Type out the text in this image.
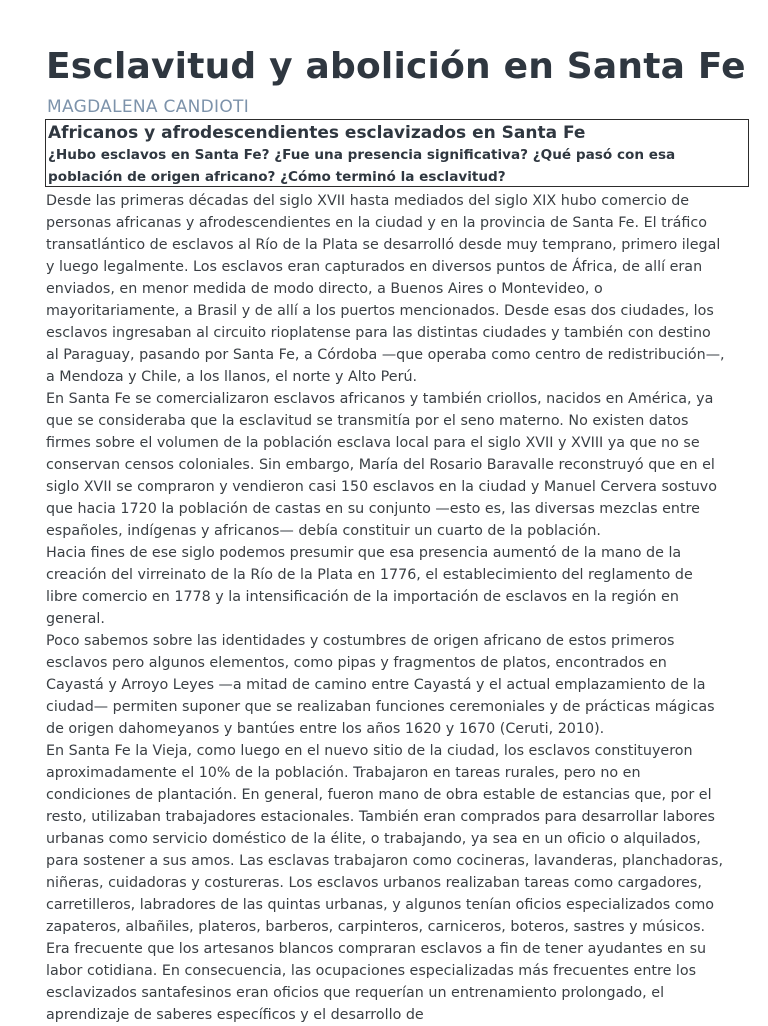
Esclavitud y abolición en Santa Fe
MAGDALENA CANDIOTI
Africanos y afrodescendientes esclavizados en Santa Fe

¿Hubo esclavos en Santa Fe? ¿Fue una presencia significativa? ¿Qué pasó con esa población de origen africano? ¿Cómo terminó la esclavitud?

Desde las primeras décadas del siglo XVII hasta mediados del siglo XIX hubo comercio de personas africanas y afrodescendientes en la ciudad y en la provincia de Santa Fe. El tráfico transatlántico de esclavos al Río de la Plata se desarrolló desde muy temprano, primero ilegal y luego legalmente. Los esclavos eran capturados en diversos puntos de África, de allí eran enviados, en menor medida de modo directo, a Buenos Aires o Montevideo, o mayoritariamente, a Brasil y de allí a los puertos mencionados. Desde esas dos ciudades, los esclavos ingresaban al circuito rioplatense para las distintas ciudades y también con destino al Paraguay, pasando por Santa Fe, a Córdoba —que operaba como centro de redistribución—, a Mendoza y Chile, a los llanos, el norte y Alto Perú.

En Santa Fe se comercializaron esclavos africanos y también criollos, nacidos en América, ya que se consideraba que la esclavitud se transmitía por el seno materno. No existen datos firmes sobre el volumen de la población esclava local para el siglo XVII y XVIII ya que no se conservan censos coloniales. Sin embargo, María del Rosario Baravalle reconstruyó que en el siglo XVII se compraron y vendieron casi 150 esclavos en la ciudad y Manuel Cervera sostuvo que hacia 1720 la población de castas en su conjunto —esto es, las diversas mezclas entre españoles, indígenas y africanos— debía constituir un cuarto de la población.

Hacia fines de ese siglo podemos presumir que esa presencia aumentó de la mano de la creación del virreinato de la Río de la Plata en 1776, el establecimiento del reglamento de libre comercio en 1778 y la intensificación de la importación de esclavos en la región en general.

Poco sabemos sobre las identidades y costumbres de origen africano de estos primeros esclavos pero algunos elementos, como pipas y fragmentos de platos, encontrados en Cayastá y Arroyo Leyes —a mitad de camino entre Cayastá y el actual emplazamiento de la ciudad— permiten suponer que se realizaban funciones ceremoniales y de prácticas mágicas de origen dahomeyanos y bantúes entre los años 1620 y 1670 (Ceruti, 2010).

En Santa Fe la Vieja, como luego en el nuevo sitio de la ciudad, los esclavos constituyeron aproximadamente el 10% de la población. Trabajaron en tareas rurales, pero no en condiciones de plantación. En general, fueron mano de obra estable de estancias que, por el resto, utilizaban trabajadores estacionales. También eran comprados para desarrollar labores urbanas como servicio doméstico de la élite, o trabajando, ya sea en un oficio o alquilados, para sostener a sus amos. Las esclavas trabajaron como cocineras, lavanderas, planchadoras, niñeras, cuidadoras y costureras. Los esclavos urbanos realizaban tareas como cargadores, carretilleros, labradores de las quintas urbanas, y algunos tenían oficios especializados como zapateros, albañiles, plateros, barberos, carpinteros, carniceros, boteros, sastres y músicos. Era frecuente que los artesanos blancos compraran esclavos a fin de tener ayudantes en su labor cotidiana. En consecuencia, las ocupaciones especializadas más frecuentes entre los esclavizados santafesinos eran oficios que requerían un entrenamiento prolongado, el aprendizaje de saberes específicos y el desarrollo de
